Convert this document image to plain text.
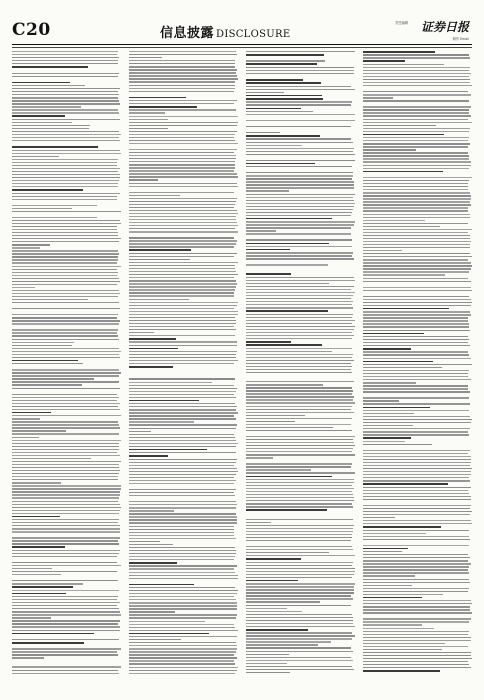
C20	信息披露 DISCLOSURE
责任编辑 证券日报
制作 Email
